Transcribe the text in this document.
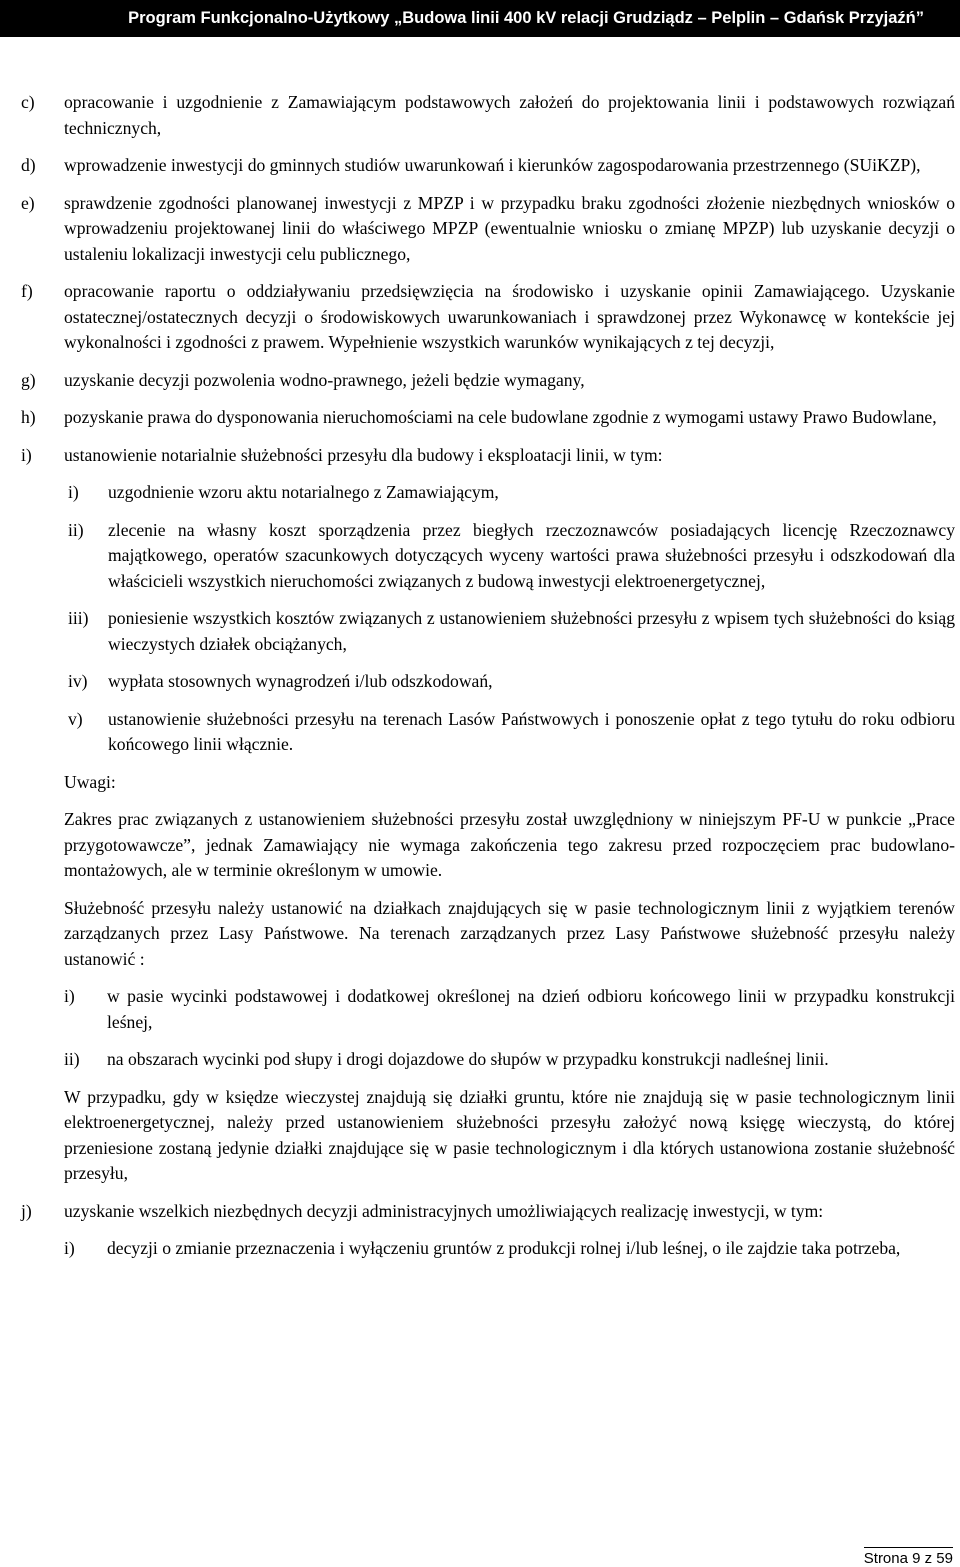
Program Funkcjonalno-Użytkowy „Budowa linii 400 kV relacji Grudziądz – Pelplin – Gdańsk Przyjaźń”
c)	opracowanie i uzgodnienie z Zamawiającym podstawowych założeń do projektowania linii i podstawowych rozwiązań technicznych,
d)	wprowadzenie inwestycji do gminnych studiów uwarunkowań i kierunków zagospodarowania przestrzennego (SUiKZP),
e)	sprawdzenie zgodności planowanej inwestycji z MPZP i w przypadku braku zgodności złożenie niezbędnych wniosków o wprowadzeniu projektowanej linii do właściwego MPZP (ewentualnie wniosku o zmianę MPZP) lub uzyskanie decyzji o ustaleniu lokalizacji inwestycji celu publicznego,
f)	opracowanie raportu o oddziaływaniu przedsięwzięcia na środowisko i uzyskanie opinii Zamawiającego. Uzyskanie ostatecznej/ostatecznych decyzji o środowiskowych uwarunkowaniach i sprawdzonej przez Wykonawcę w kontekście jej wykonalności i zgodności z prawem. Wypełnienie wszystkich warunków wynikających z tej decyzji,
g)	uzyskanie decyzji pozwolenia wodno-prawnego, jeżeli będzie wymagany,
h)	pozyskanie prawa do dysponowania nieruchomościami na cele budowlane zgodnie z wymogami ustawy Prawo Budowlane,
i)	ustanowienie notarialnie służebności przesyłu dla budowy i eksploatacji linii, w tym:
i)	uzgodnienie wzoru aktu notarialnego z Zamawiającym,
ii)	zlecenie na własny koszt sporządzenia przez biegłych rzeczoznawców posiadających licencję Rzeczoznawcy majątkowego, operatów szacunkowych dotyczących wyceny wartości prawa służebności przesyłu i odszkodowań dla właścicieli wszystkich nieruchomości związanych z budową inwestycji elektroenergetycznej,
iii)	poniesienie wszystkich kosztów związanych z ustanowieniem służebności przesyłu z wpisem tych służebności do ksiąg wieczystych działek obciążanych,
iv)	wypłata stosownych wynagrodzeń i/lub odszkodowań,
v)	ustanowienie służebności przesyłu na terenach Lasów Państwowych i ponoszenie opłat z tego tytułu do roku odbioru końcowego linii włącznie.
Uwagi:
Zakres prac związanych z ustanowieniem służebności przesyłu został uwzględniony w niniejszym PF-U w punkcie „Prace przygotowawcze”, jednak Zamawiający nie wymaga zakończenia tego zakresu przed rozpoczęciem prac budowlano-montażowych, ale w terminie określonym w umowie.
Służebność przesyłu należy ustanowić na działkach znajdujących się w pasie technologicznym linii z wyjątkiem terenów zarządzanych przez Lasy Państwowe. Na terenach zarządzanych przez Lasy Państwowe służebność przesyłu należy ustanowić :
i)	w pasie wycinki podstawowej i dodatkowej określonej na dzień odbioru końcowego linii w przypadku konstrukcji leśnej,
ii)	na obszarach wycinki pod słupy i drogi dojazdowe do słupów w przypadku konstrukcji nadleśnej linii.
W przypadku, gdy w księdze wieczystej znajdują się działki gruntu, które nie znajdują się w pasie technologicznym linii elektroenergetycznej, należy przed ustanowieniem służebności przesyłu założyć nową księgę wieczystą, do której przeniesione zostaną jedynie działki znajdujące się w pasie technologicznym i dla których ustanowiona zostanie służebność przesyłu,
j)	uzyskanie wszelkich niezbędnych decyzji administracyjnych umożliwiających realizację inwestycji, w tym:
i)	decyzji o zmianie przeznaczenia i wyłączeniu gruntów z produkcji rolnej i/lub leśnej, o ile zajdzie taka potrzeba,
Strona 9 z 59
